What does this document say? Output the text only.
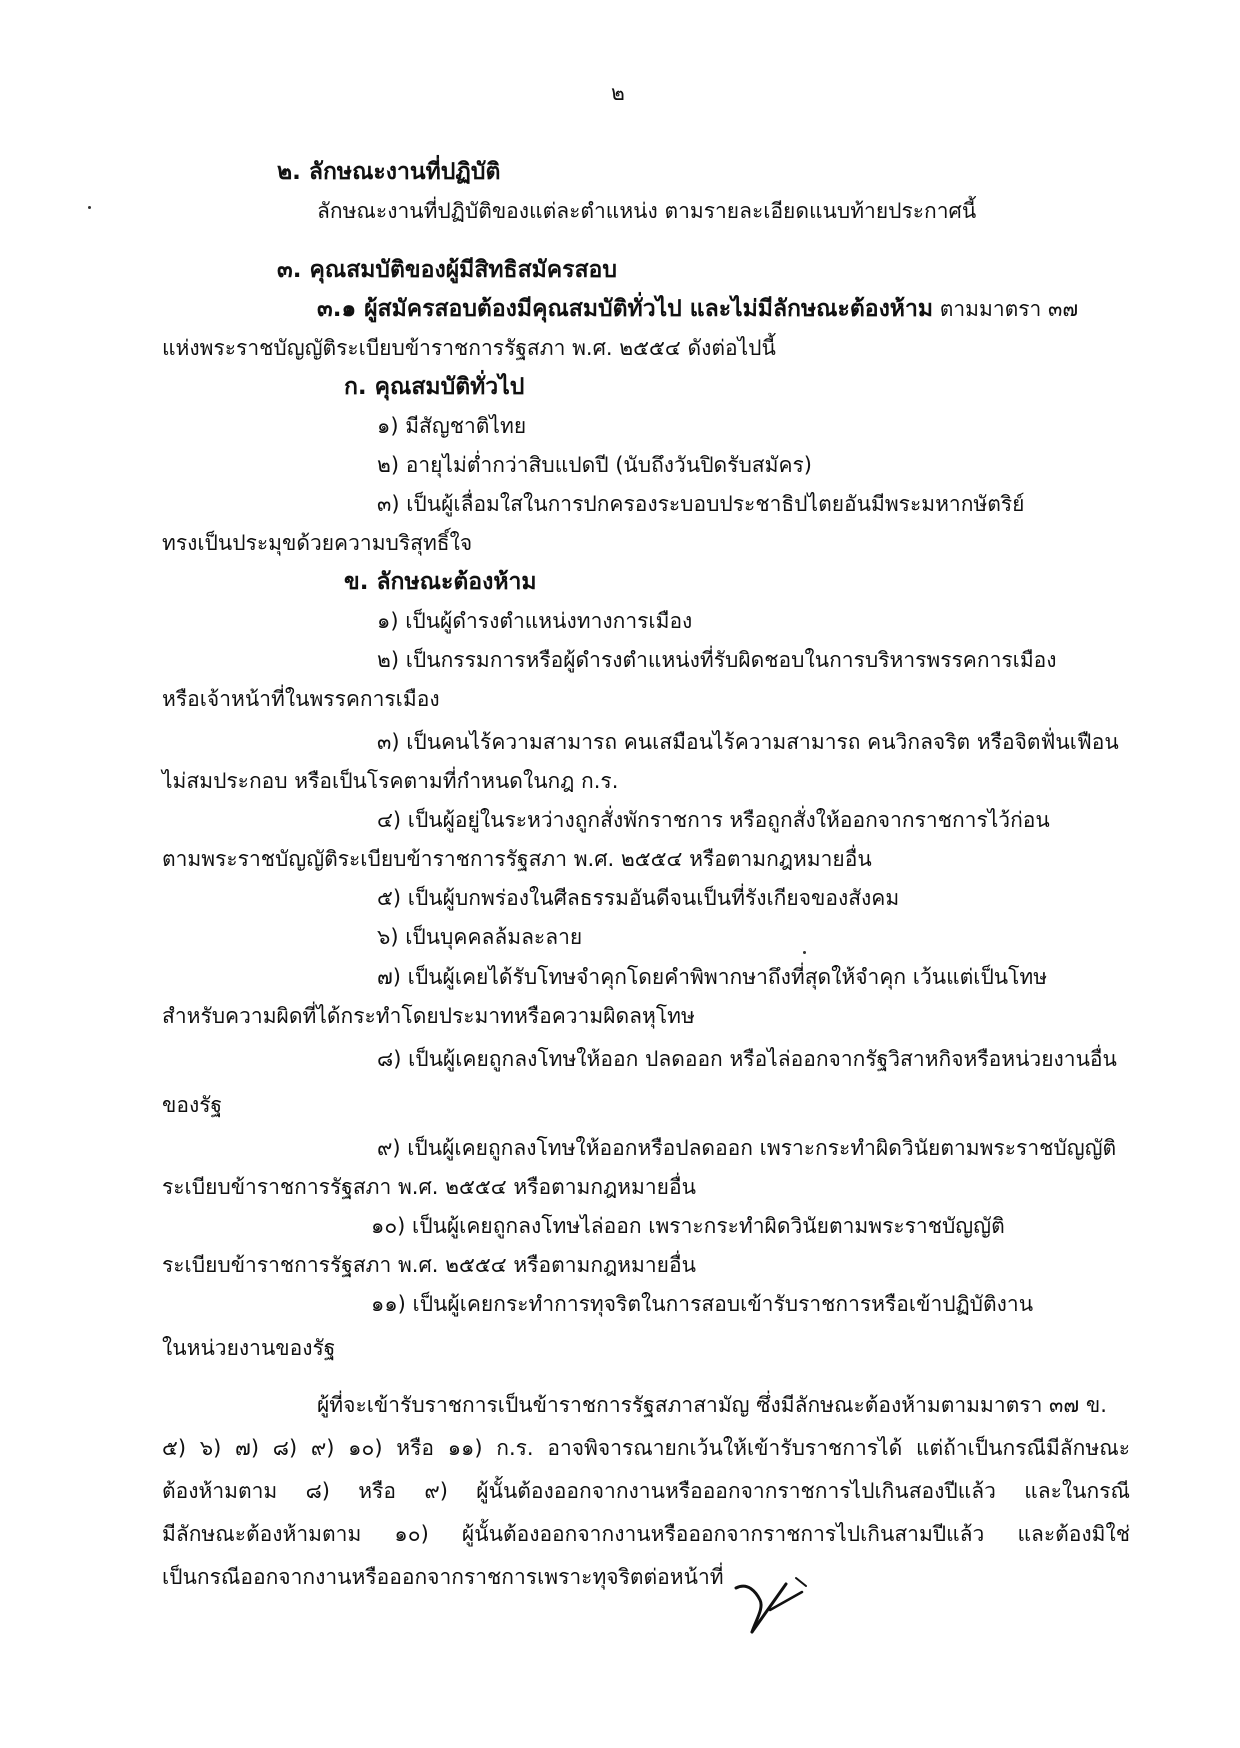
๒

๒. ลักษณะงานที่ปฏิบัติ

ลักษณะงานที่ปฏิบัติของแต่ละตำแหน่ง ตามรายละเอียดแนบท้ายประกาศนี้

๓. คุณสมบัติของผู้มีสิทธิสมัครสอบ

๓.๑ ผู้สมัครสอบต้องมีคุณสมบัติทั่วไป และไม่มีลักษณะต้องห้าม ตามมาตรา ๓๗

แห่งพระราชบัญญัติระเบียบข้าราชการรัฐสภา พ.ศ. ๒๕๕๔ ดังต่อไปนี้

ก. คุณสมบัติทั่วไป

๑) มีสัญชาติไทย

๒) อายุไม่ต่ำกว่าสิบแปดปี (นับถึงวันปิดรับสมัคร)

๓) เป็นผู้เลื่อมใสในการปกครองระบอบประชาธิปไตยอันมีพระมหากษัตริย์

ทรงเป็นประมุขด้วยความบริสุทธิ์ใจ

ข. ลักษณะต้องห้าม

๑) เป็นผู้ดำรงตำแหน่งทางการเมือง

๒) เป็นกรรมการหรือผู้ดำรงตำแหน่งที่รับผิดชอบในการบริหารพรรคการเมือง

หรือเจ้าหน้าที่ในพรรคการเมือง

๓) เป็นคนไร้ความสามารถ คนเสมือนไร้ความสามารถ คนวิกลจริต หรือจิตฟั่นเฟือน

ไม่สมประกอบ หรือเป็นโรคตามที่กำหนดในกฎ ก.ร.

๔) เป็นผู้อยู่ในระหว่างถูกสั่งพักราชการ หรือถูกสั่งให้ออกจากราชการไว้ก่อน

ตามพระราชบัญญัติระเบียบข้าราชการรัฐสภา พ.ศ. ๒๕๕๔ หรือตามกฎหมายอื่น

๕) เป็นผู้บกพร่องในศีลธรรมอันดีจนเป็นที่รังเกียจของสังคม

๖) เป็นบุคคลล้มละลาย

๗) เป็นผู้เคยได้รับโทษจำคุกโดยคำพิพากษาถึงที่สุดให้จำคุก เว้นแต่เป็นโทษ

สำหรับความผิดที่ได้กระทำโดยประมาทหรือความผิดลหุโทษ

๘) เป็นผู้เคยถูกลงโทษให้ออก ปลดออก หรือไล่ออกจากรัฐวิสาหกิจหรือหน่วยงานอื่น

ของรัฐ

๙) เป็นผู้เคยถูกลงโทษให้ออกหรือปลดออก เพราะกระทำผิดวินัยตามพระราชบัญญัติ

ระเบียบข้าราชการรัฐสภา พ.ศ. ๒๕๕๔ หรือตามกฎหมายอื่น

๑๐) เป็นผู้เคยถูกลงโทษไล่ออก เพราะกระทำผิดวินัยตามพระราชบัญญัติ

ระเบียบข้าราชการรัฐสภา พ.ศ. ๒๕๕๔ หรือตามกฎหมายอื่น

๑๑) เป็นผู้เคยกระทำการทุจริตในการสอบเข้ารับราชการหรือเข้าปฏิบัติงาน

ในหน่วยงานของรัฐ

ผู้ที่จะเข้ารับราชการเป็นข้าราชการรัฐสภาสามัญ ซึ่งมีลักษณะต้องห้ามตามมาตรา ๓๗ ข.

๕) ๖) ๗) ๘) ๙) ๑๐) หรือ ๑๑) ก.ร. อาจพิจารณายกเว้นให้เข้ารับราชการได้ แต่ถ้าเป็นกรณีมีลักษณะ

ต้องห้ามตาม ๘) หรือ ๙) ผู้นั้นต้องออกจากงานหรือออกจากราชการไปเกินสองปีแล้ว และในกรณี

มีลักษณะต้องห้ามตาม ๑๐) ผู้นั้นต้องออกจากงานหรือออกจากราชการไปเกินสามปีแล้ว และต้องมิใช่

เป็นกรณีออกจากงานหรือออกจากราชการเพราะทุจริตต่อหน้าที่
